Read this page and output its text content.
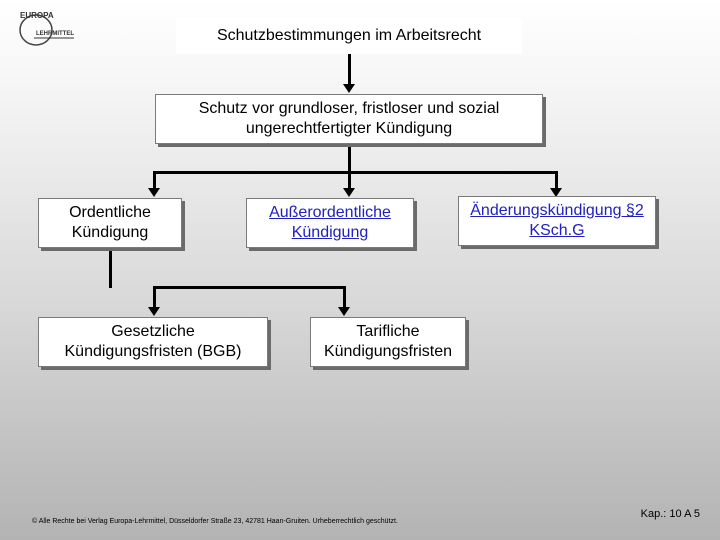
EUROPA
LEHRMITTEL	Schutzbestimmungen im Arbeitsrecht
Schutz vor grundloser, fristloser und sozial ungerechtfertigter Kündigung
Ordentliche Kündigung
Außerordentliche Kündigung
Änderungskündigung §2 KSch.G
Gesetzliche Kündigungsfristen (BGB)
Tarifliche Kündigungsfristen
© Alle Rechte bei Verlag Europa-Lehrmittel, Düsseldorfer Straße 23, 42781 Haan-Gruiten. Urheberrechtlich geschützt.
Kap.: 10 A 5
